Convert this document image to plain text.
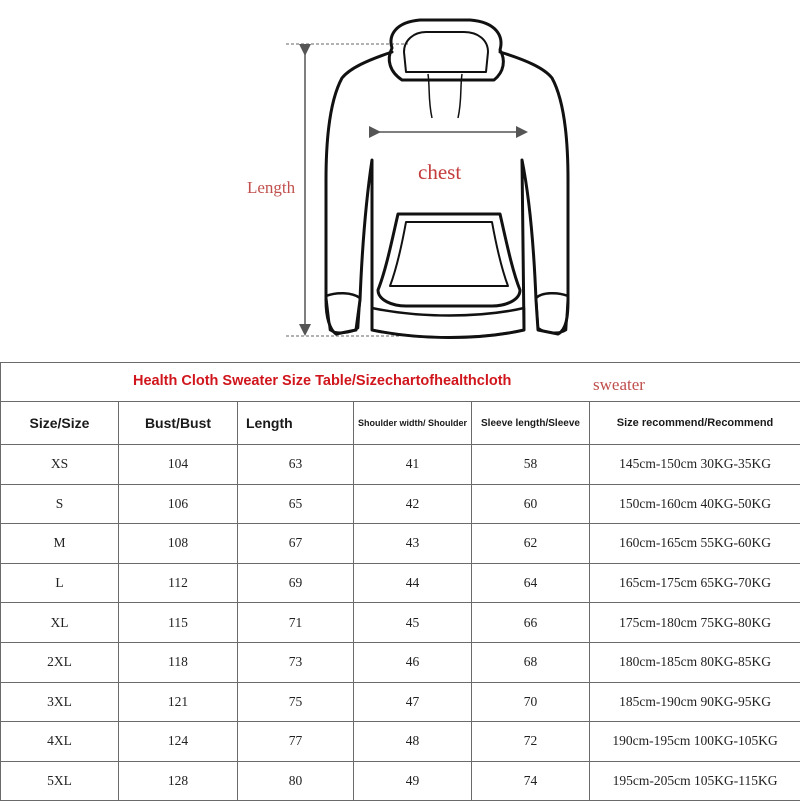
Length
chest
Health Cloth Sweater Size Table/Sizechartofhealthcloth sweater					

Size/Size	Bust/Bust	Length	Shoulder width/ Shoulder	Sleeve length/Sleeve	Size recommend/Recommend
XS	104	63	41	58	145cm-150cm 30KG-35KG
S	106	65	42	60	150cm-160cm 40KG-50KG
M	108	67	43	62	160cm-165cm 55KG-60KG
L	112	69	44	64	165cm-175cm 65KG-70KG
XL	115	71	45	66	175cm-180cm 75KG-80KG
2XL	118	73	46	68	180cm-185cm 80KG-85KG
3XL	121	75	47	70	185cm-190cm 90KG-95KG
4XL	124	77	48	72	190cm-195cm 100KG-105KG
5XL	128	80	49	74	195cm-205cm 105KG-115KG
